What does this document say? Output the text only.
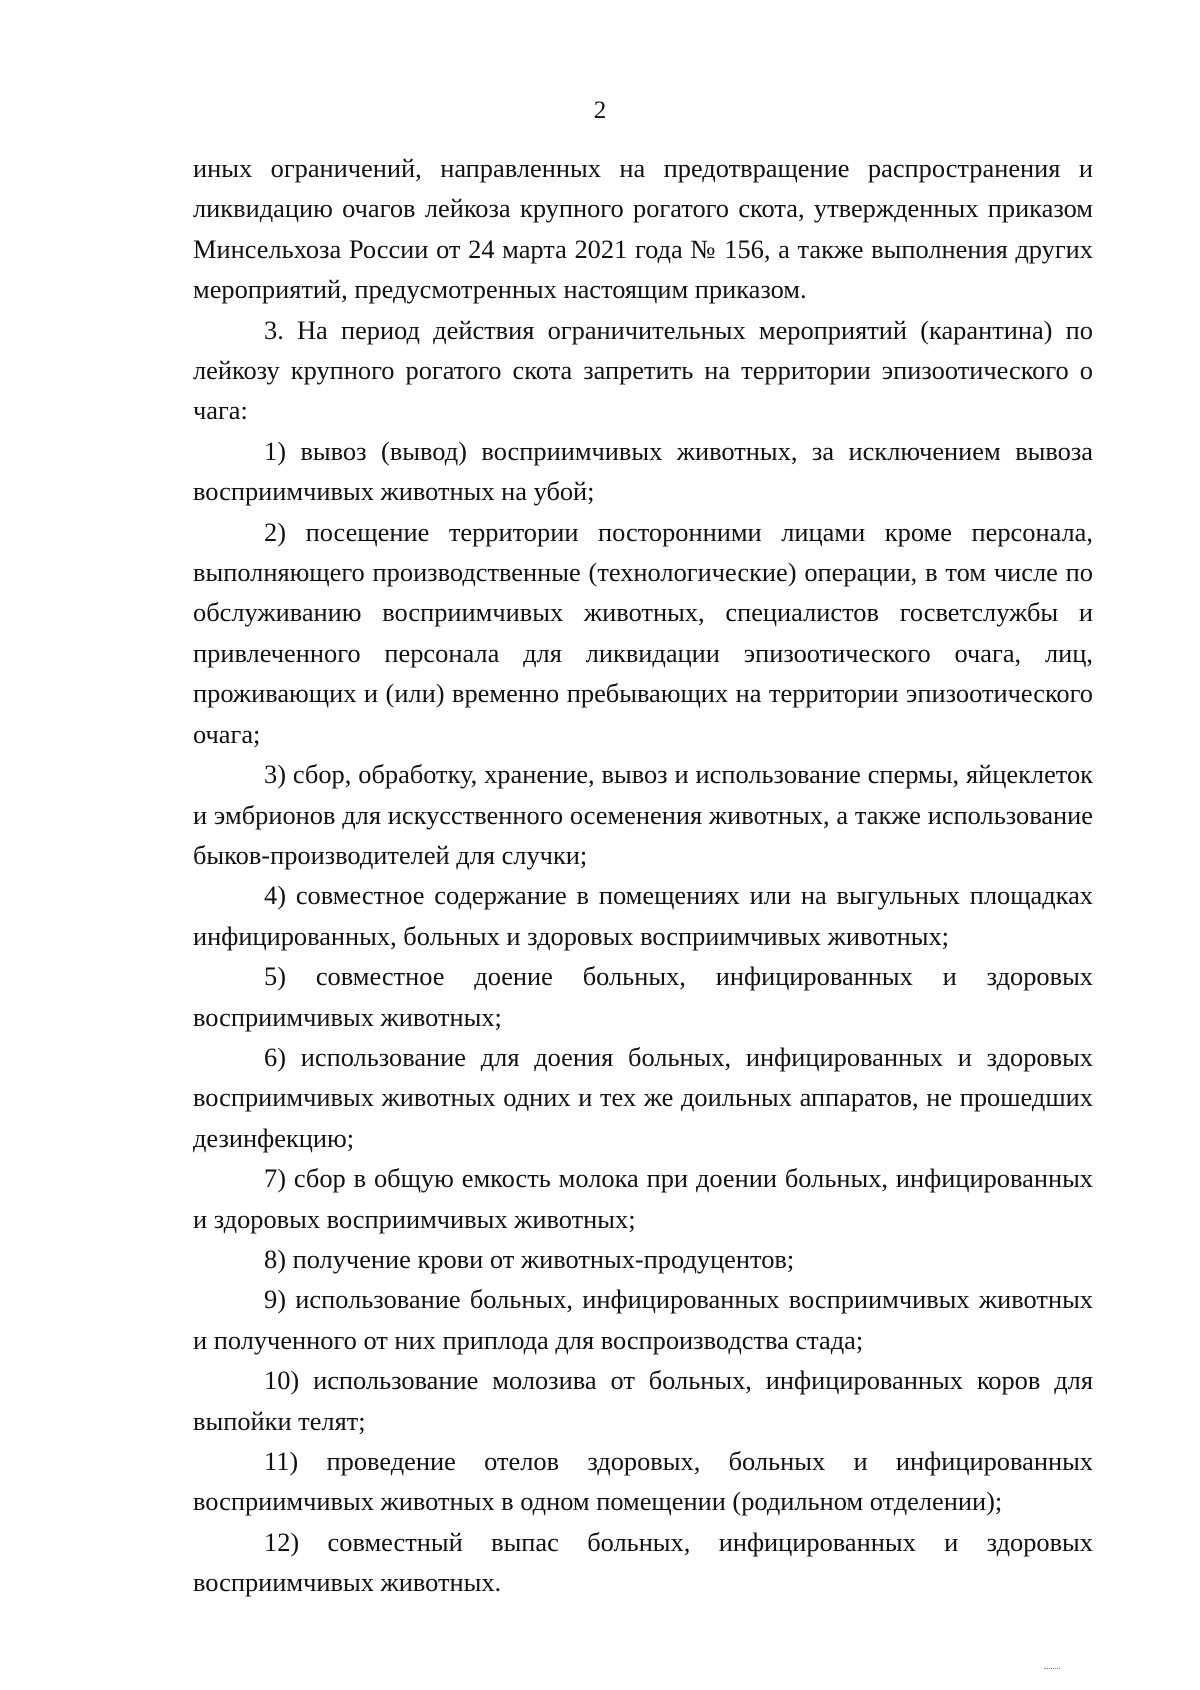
2

иных ограничений, направленных на предотвращение распространения и ликвидацию очагов лейкоза крупного рогатого скота, утвержденных приказом Минсельхоза России от 24 марта 2021 года № 156, а также выполнения других мероприятий, предусмотренных настоящим приказом.

3. На период действия ограничительных мероприятий (карантина) по лейкозу крупного рогатого скота запретить на территории эпизоотического о чага:

1) вывоз (вывод) восприимчивых животных, за исключением вывоза восприимчивых животных на убой;

2) посещение территории посторонними лицами кроме персонала, выполняющего производственные (технологические) операции, в том числе по обслуживанию восприимчивых животных, специалистов госветслужбы и привлеченного персонала для ликвидации эпизоотического очага, лиц, проживающих и (или) временно пребывающих на территории эпизоотического очага;

3) сбор, обработку, хранение, вывоз и использование спермы, яйцеклеток и эмбрионов для искусственного осеменения животных, а также использование быков-производителей для случки;

4) совместное содержание в помещениях или на выгульных площадках инфицированных, больных и здоровых восприимчивых животных;

5) совместное доение больных, инфицированных и здоровых восприимчивых животных;

6) использование для доения больных, инфицированных и здоровых восприимчивых животных одних и тех же доильных аппаратов, не прошедших дезинфекцию;

7) сбор в общую емкость молока при доении больных, инфицированных и здоровых восприимчивых животных;

8) получение крови от животных-продуцентов;

9) использование больных, инфицированных восприимчивых животных и полученного от них приплода для воспроизводства стада;

10) использование молозива от больных, инфицированных коров для выпойки телят;

11) проведение отелов здоровых, больных и инфицированных восприимчивых животных в одном помещении (родильном отделении);

12) совместный выпас больных, инфицированных и здоровых восприимчивых животных.
